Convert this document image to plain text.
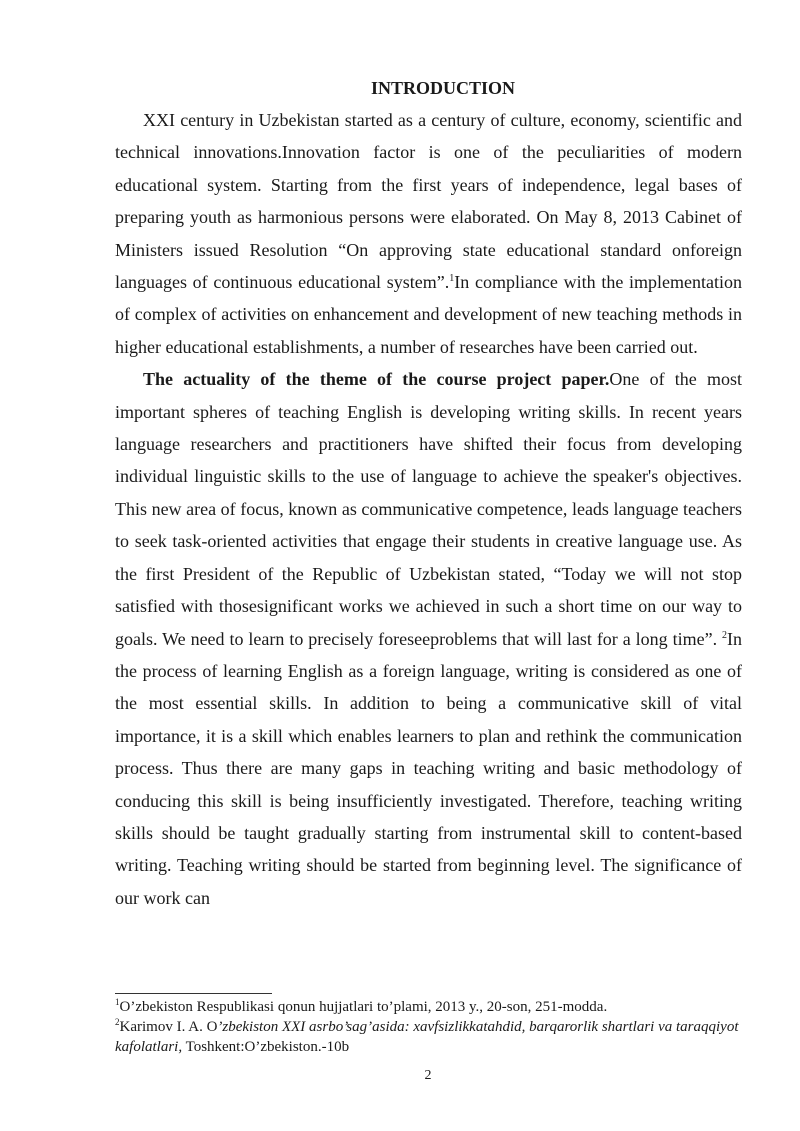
INTRODUCTION

XXI century in Uzbekistan started as a century of culture, economy, scientific and technical innovations.Innovation factor is one of the peculiarities of modern educational system. Starting from the first years of independence, legal bases of preparing youth as harmonious persons were elaborated. On May 8, 2013 Cabinet of Ministers issued Resolution “On approving state educational standard onforeign languages of continuous educational system”.$^1$In compliance with the implementation of complex of activities on enhancement and development of new teaching methods in higher educational establishments, a number of researches have been carried out.

The actuality of the theme of the course project paper.One of the most important spheres of teaching English is developing writing skills. In recent years language researchers and practitioners have shifted their focus from developing individual linguistic skills to the use of language to achieve the speaker's objectives. This new area of focus, known as communicative competence, leads language teachers to seek task-oriented activities that engage their students in creative language use. As the first President of the Republic of Uzbekistan stated, “Today we will not stop satisfied with thosesignificant works we achieved in such a short time on our way to goals. We need to learn to precisely foreseeproblems that will last for a long time”. $^2$In the process of learning English as a foreign language, writing is considered as one of the most essential skills. In addition to being a communicative skill of vital importance, it is a skill which enables learners to plan and rethink the communication process. Thus there are many gaps in teaching writing and basic methodology of conducing this skill is being insufficiently investigated. Therefore, teaching writing skills should be taught gradually starting from instrumental skill to content-based writing. Teaching writing should be started from beginning level. The significance of our work can

$^1$O’zbekiston Respublikasi qonun hujjatlari to’plami, 2013 y., 20-son, 251-modda.
$^2$Karimov I. A. O’zbekiston XXI asrbo’sag’asida: xavfsizlikkatahdid, barqarorlik shartlari va taraqqiyot kafolatlari, Toshkent:O’zbekiston.-10b
2
